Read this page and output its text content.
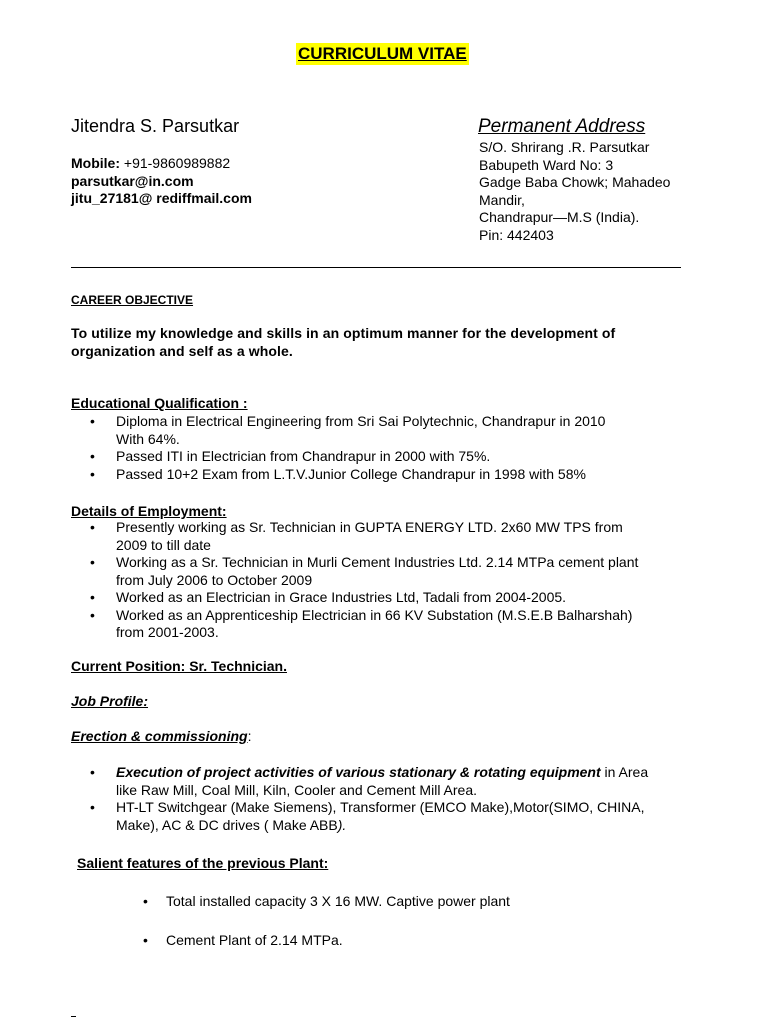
CURRICULUM VITAE
Jitendra S. Parsutkar
Mobile: +91-9860989882
parsutkar@in.com
jitu_27181@ rediffmail.com
Permanent Address
S/O. Shrirang .R. Parsutkar
Babupeth Ward No: 3
Gadge Baba Chowk; Mahadeo
Mandir,
Chandrapur—M.S (India).
Pin: 442403
CAREER OBJECTIVE
To utilize my knowledge and skills in an optimum manner for the development of
organization and self as a whole.
Educational Qualification :
• Diploma in Electrical Engineering from Sri Sai Polytechnic, Chandrapur in 2010
With 64%.
• Passed ITI in Electrician from Chandrapur in 2000 with 75%.
• Passed 10+2 Exam from L.T.V.Junior College Chandrapur in 1998 with 58%
Details of Employment:
• Presently working as Sr. Technician in GUPTA ENERGY LTD. 2x60 MW TPS from
2009 to till date
• Working as a Sr. Technician in Murli Cement Industries Ltd. 2.14 MTPa cement plant
from July 2006 to October 2009
• Worked as an Electrician in Grace Industries Ltd, Tadali from 2004-2005.
• Worked as an Apprenticeship Electrician in 66 KV Substation (M.S.E.B Balharshah)
from 2001-2003.
Current Position: Sr. Technician.
Job Profile:
Erection & commissioning:
• Execution of project activities of various stationary & rotating equipment in Area
like Raw Mill, Coal Mill, Kiln, Cooler and Cement Mill Area.
• HT-LT Switchgear (Make Siemens), Transformer (EMCO Make),Motor(SIMO, CHINA,
Make), AC & DC drives ( Make ABB).
Salient features of the previous Plant:
• Total installed capacity 3 X 16 MW. Captive power plant
• Cement Plant of 2.14 MTPa.
